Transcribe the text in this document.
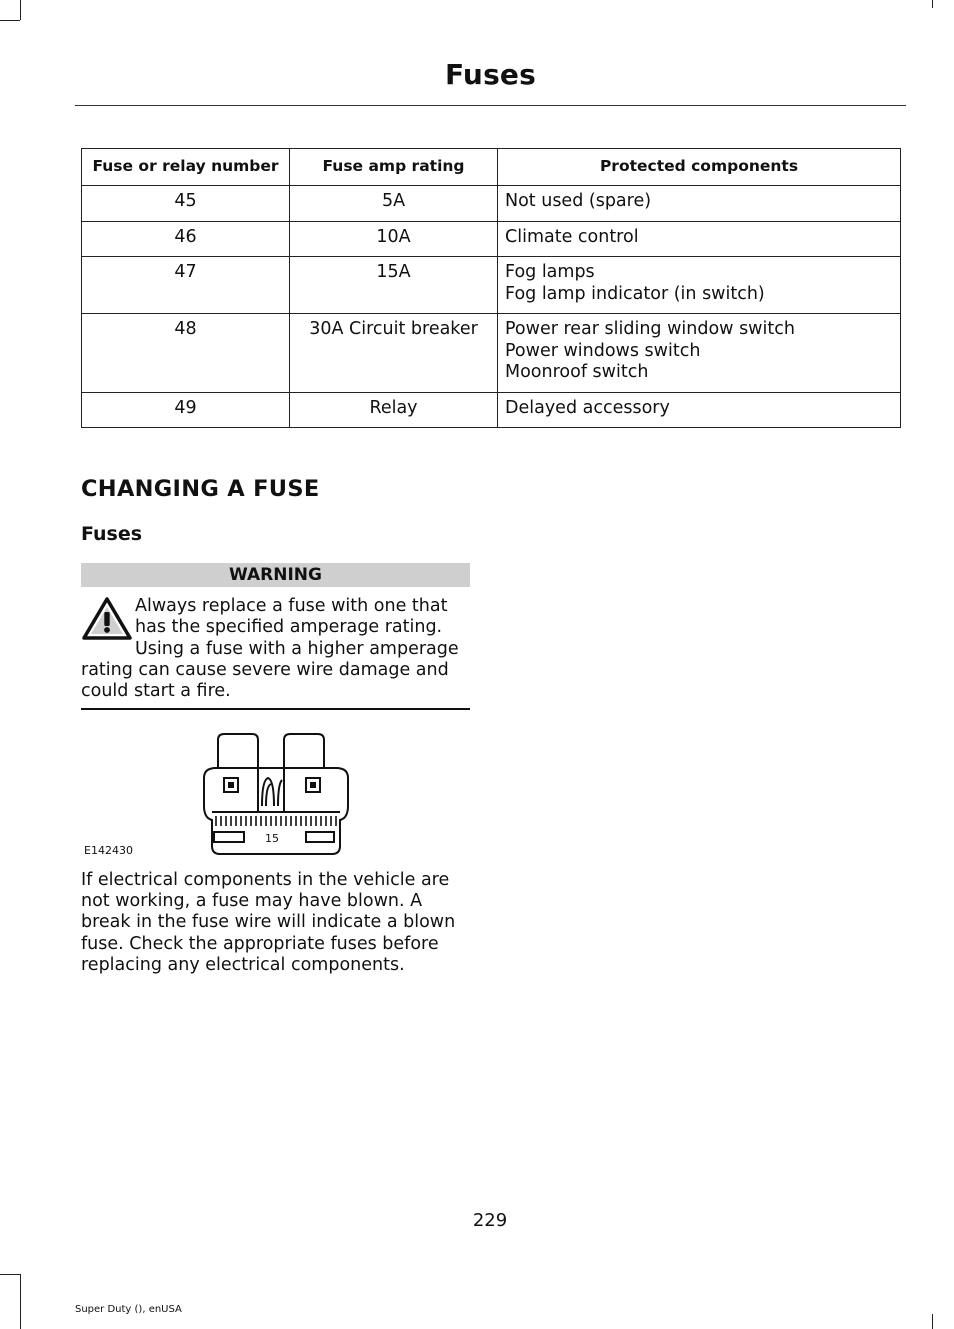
Fuses
Fuse or relay number	Fuse amp rating	Protected components
45	5A	Not used (spare)

46	10A	Climate control

47	15A	Fog lamps
Fog lamp indicator (in switch)

48	30A Circuit breaker	Power rear sliding window switch
Power windows switch
Moonroof switch

49	Relay	Delayed accessory
CHANGING A FUSE
Fuses
WARNING
Always replace a fuse with one that
has the specified amperage rating.
Using a fuse with a higher amperage
rating can cause severe wire damage and
could start a fire.
15
E142430
If electrical components in the vehicle are
not working, a fuse may have blown. A
break in the fuse wire will indicate a blown
fuse. Check the appropriate fuses before
replacing any electrical components.
229
Super Duty (), enUSA
